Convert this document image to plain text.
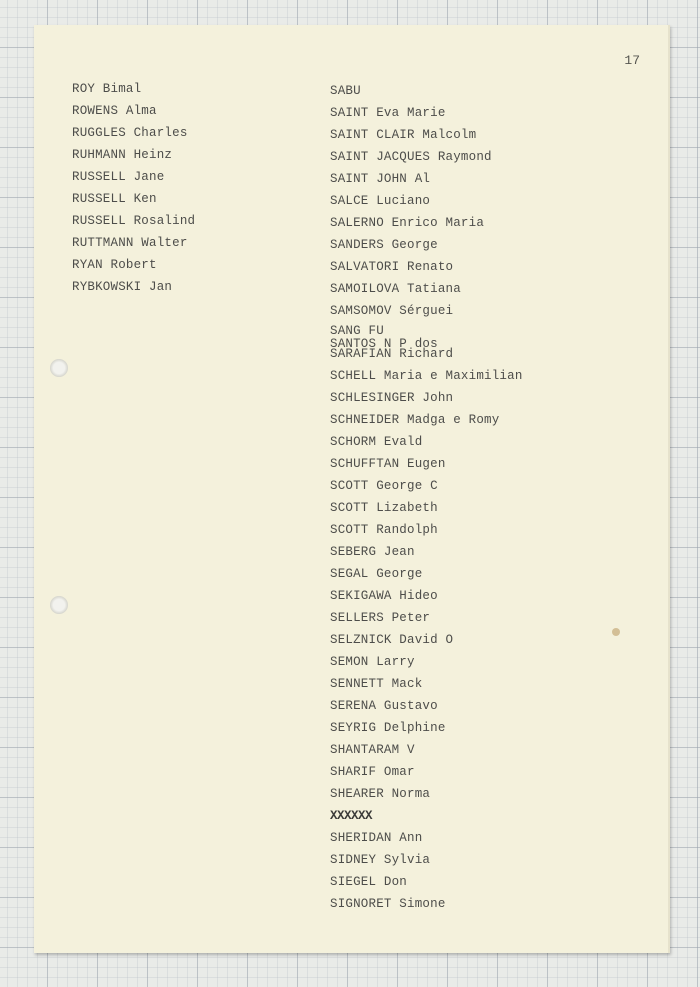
17
ROY Bimal
ROWENS Alma
RUGGLES Charles
RUHMANN Heinz
RUSSELL Jane
RUSSELL Ken
RUSSELL Rosalind
RUTTMANN Walter
RYAN Robert
RYBKOWSKI Jan
SABU
SAINT Eva Marie
SAINT CLAIR Malcolm
SAINT JACQUES Raymond
SAINT JOHN Al
SALCE Luciano
SALERNO Enrico Maria
SANDERS George
SALVATORI Renato
SAMOILOVA Tatiana
SAMSOMOV Sérguei
SANG FU
SANTOS N P dos
SARAFIAN Richard
SCHELL Maria e Maximilian
SCHLESINGER John
SCHNEIDER Madga e Romy
SCHORM Evald
SCHUFFTAN Eugen
SCOTT George C
SCOTT Lizabeth
SCOTT Randolph
SEBERG Jean
SEGAL George
SEKIGAWA Hideo
SELLERS Peter
SELZNICK David O
SEMON Larry
SENNETT Mack
SERENA Gustavo
SEYRIG Delphine
SHANTARAM V
SHARIF Omar
SHEARER Norma
XXXXXX
SHERIDAN Ann
SIDNEY Sylvia
SIEGEL Don
SIGNORET Simone
